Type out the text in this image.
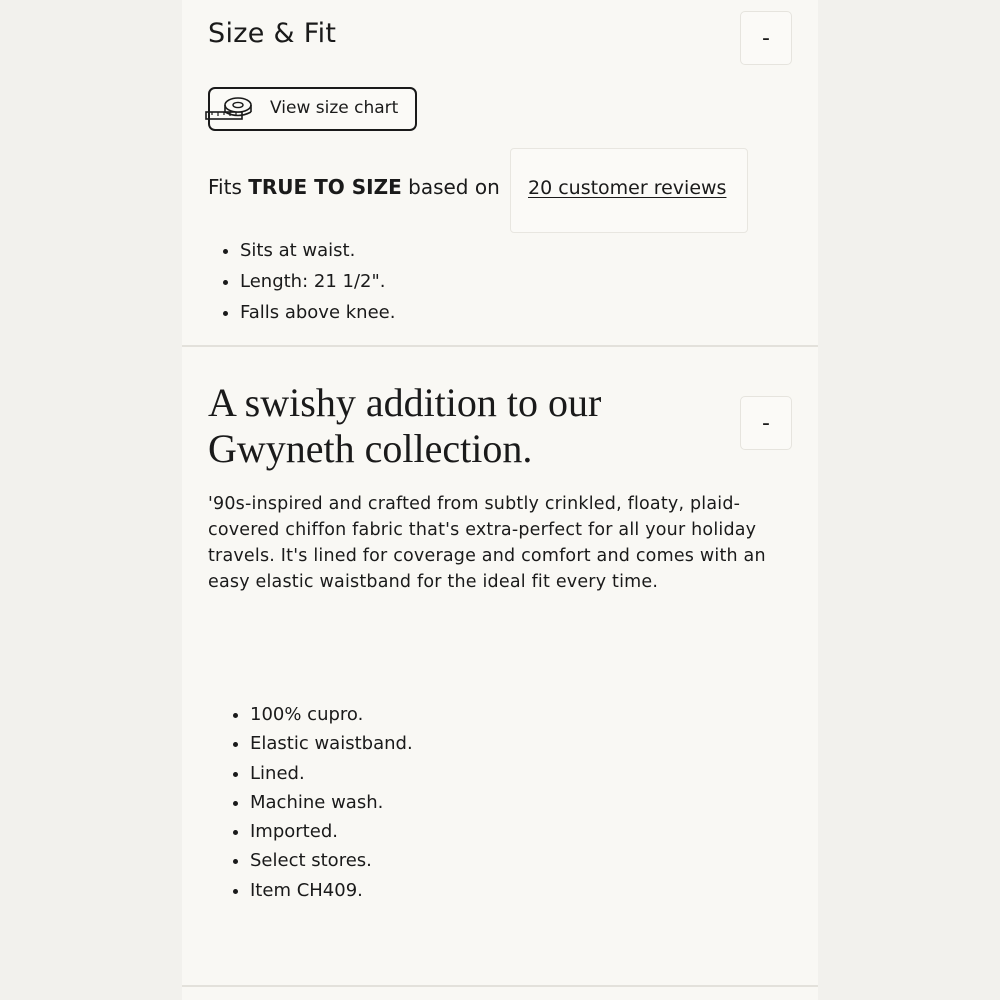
Size & Fit	-
View size chart
Fits TRUE TO SIZE based on 20 customer reviews
• Sits at waist.
• Length: 21 1/2".
• Falls above knee.
A swishy addition to our Gwyneth collection.
-

'90s-inspired and crafted from subtly crinkled, floaty, plaid-covered chiffon fabric that's extra-perfect for all your holiday travels. It's lined for coverage and comfort and comes with an easy elastic waistband for the ideal fit every time.

• 100% cupro.
• Elastic waistband.
• Lined.
• Machine wash.
• Imported.
• Select stores.
• Item CH409.
